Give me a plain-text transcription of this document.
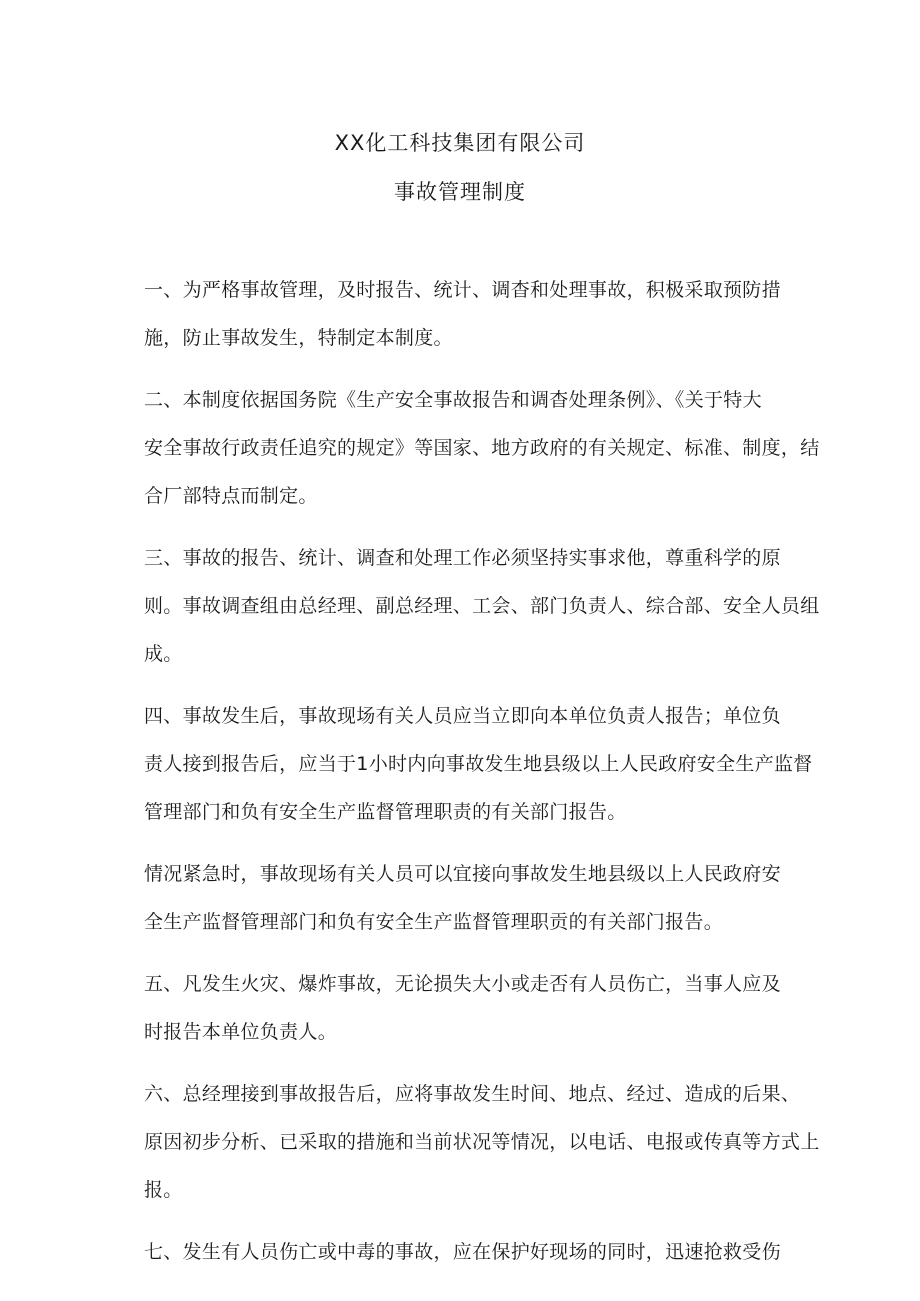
XX化工科技集团有限公司
事故管理制度

一、为严格事故管理，及时报告、统计、调杳和处理事故，积极采取预防措
施，防止事故发生，特制定本制度。

二、本制度依据国务院《生产安全事故报告和调杳处理条例》、《关于特大
安全事故行政责任追究的规定》等国家、地方政府的有关规定、标准、制度，结
合厂部特点而制定。

三、事故的报告、统计、调查和处理工作必须坚持实事求他，尊重科学的原
则。事故调查组由总经理、副总经理、工会、部门负责人、综合部、安全人员组
成。

四、事故发生后，事故现场有关人员应当立即向本单位负责人报告；单位负
责人接到报告后，应当于1小时内向事故发生地县级以上人民政府安全生产监督
管理部门和负有安全生产监督管理职责的有关部门报告。

情况紧急时，事故现场有关人员可以宜接向事故发生地县级以上人民政府安
全生产监督管理部门和负有安全生产监督管理职贡的有关部门报告。

五、凡发生火灾、爆炸事故，无论损失大小或走否有人员伤亡，当事人应及
时报告本单位负责人。

六、总经理接到事故报告后，应将事故发生时间、地点、经过、造成的后果、
原因初步分析、已采取的措施和当前状况等情况，以电话、电报或传真等方式上
报。

七、发生有人员伤亡或中毒的事故，应在保护好现场的同时，迅速抢救受伤
